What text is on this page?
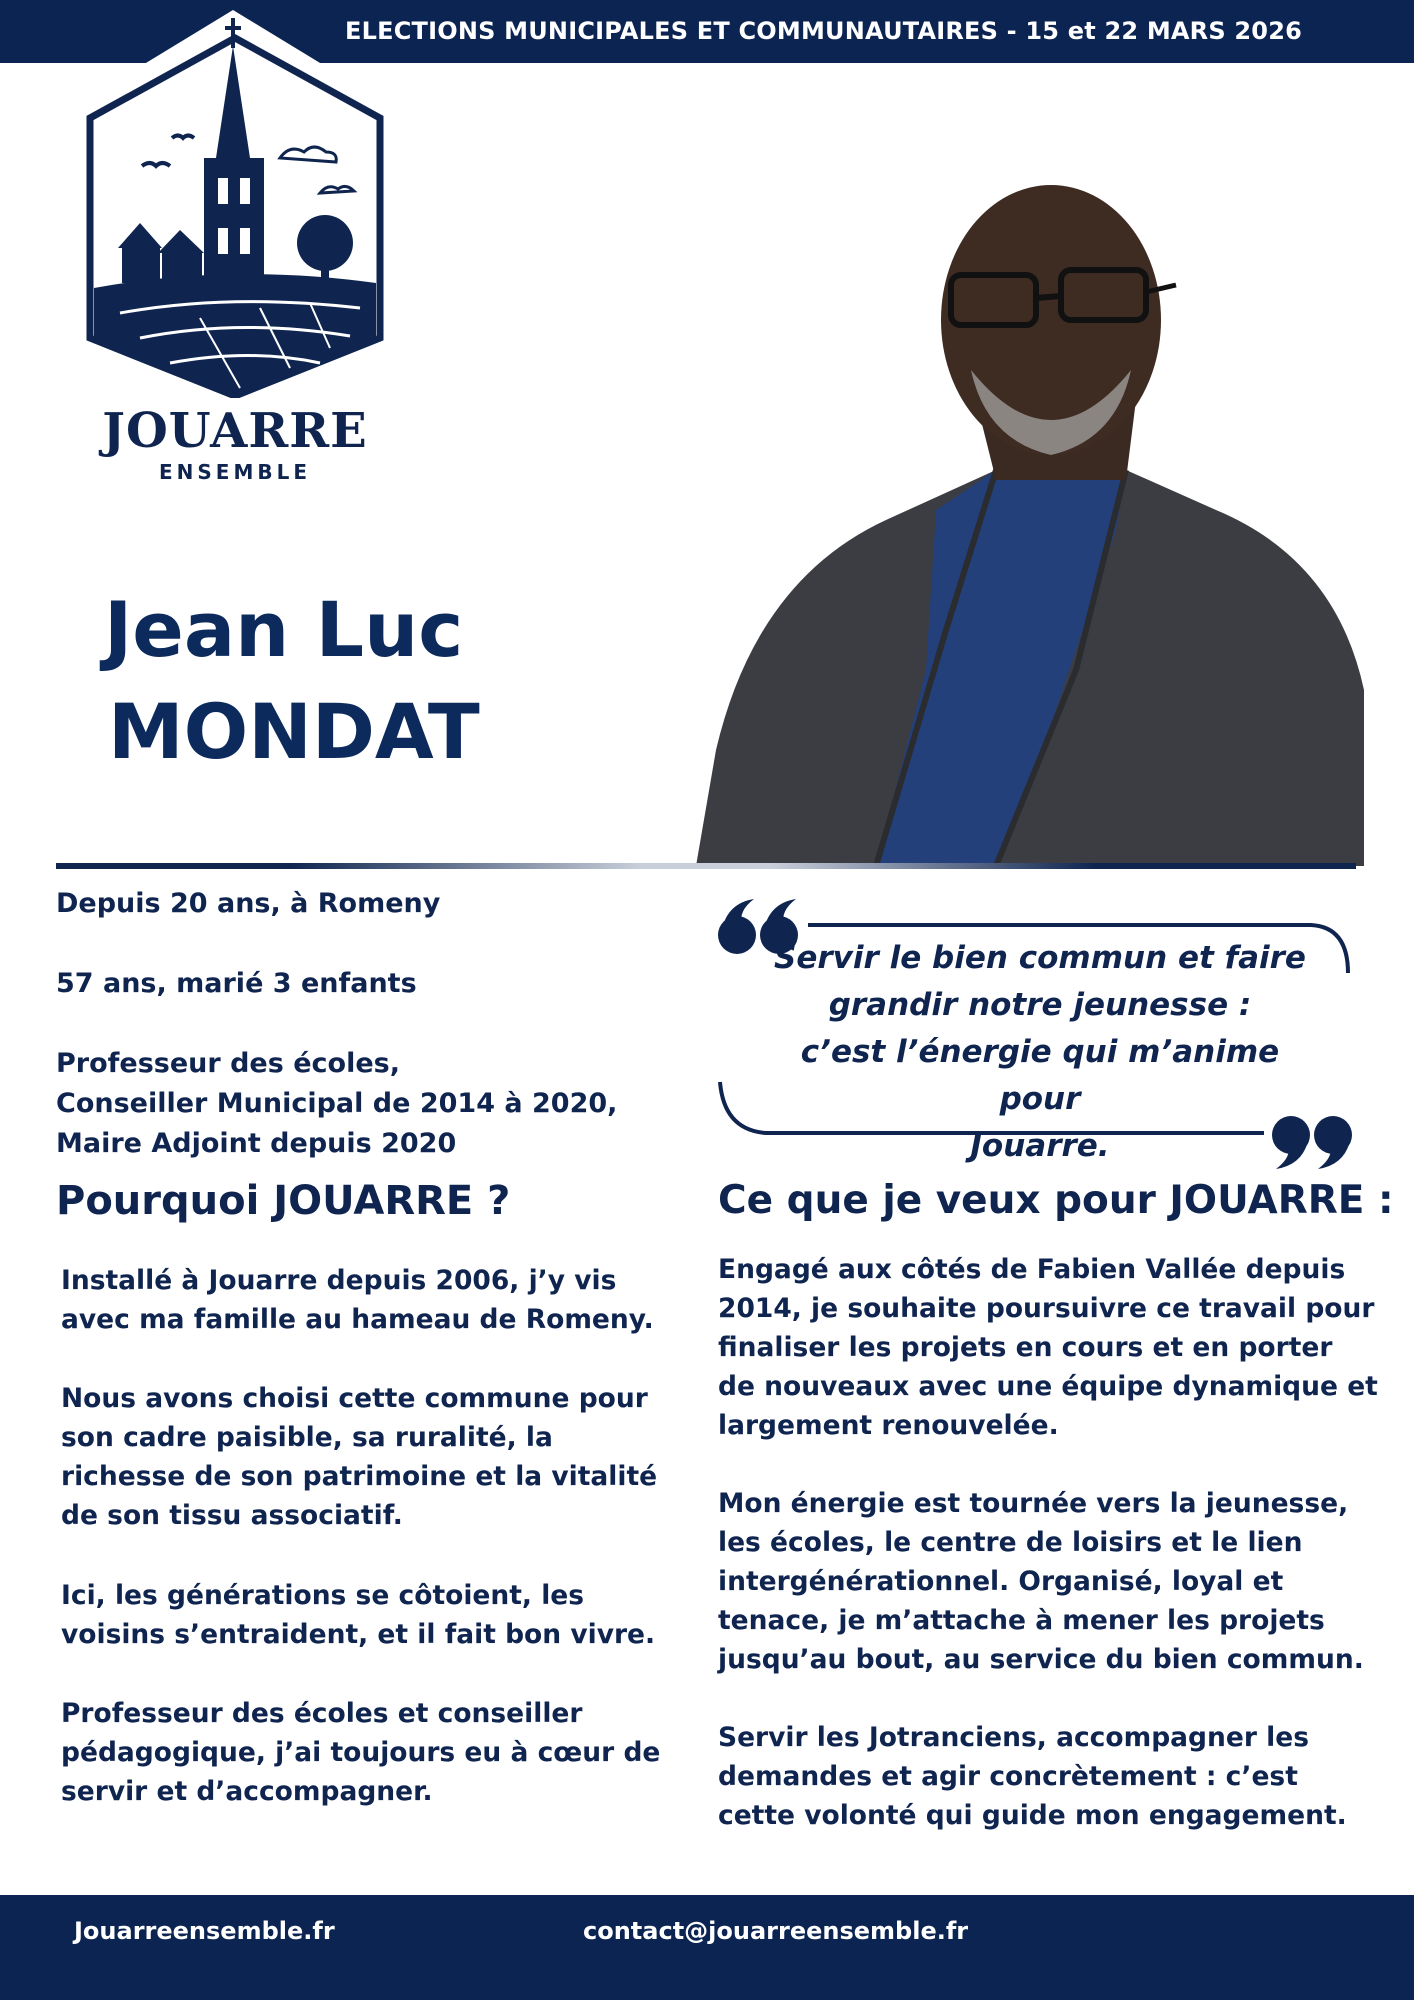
ELECTIONS MUNICIPALES ET COMMUNAUTAIRES - 15 et 22 MARS 2026
JOUARRE
ENSEMBLE
Jean Luc
MONDAT
Depuis 20 ans, à Romeny
57 ans, marié 3 enfants
Professeur des écoles,
Conseiller Municipal de 2014 à 2020,
Maire Adjoint depuis 2020
Servir le bien commun et faire
grandir notre jeunesse :
c’est l’énergie qui m’anime pour
Jouarre.
Pourquoi JOUARRE ?	Ce que je veux pour JOUARRE :
Installé à Jouarre depuis 2006, j’y vis avec ma famille au hameau de Romeny.
Nous avons choisi cette commune pour son cadre paisible, sa ruralité, la richesse de son patrimoine et la vitalité de son tissu associatif.
Ici, les générations se côtoient, les voisins s’entraident, et il fait bon vivre.
Professeur des écoles et conseiller pédagogique, j’ai toujours eu à cœur de servir et d’accompagner.
Engagé aux côtés de Fabien Vallée depuis 2014, je souhaite poursuivre ce travail pour finaliser les projets en cours et en porter de nouveaux avec une équipe dynamique et largement renouvelée.
Mon énergie est tournée vers la jeunesse, les écoles, le centre de loisirs et le lien intergénérationnel. Organisé, loyal et tenace, je m’attache à mener les projets jusqu’au bout, au service du bien commun.
Servir les Jotranciens, accompagner les demandes et agir concrètement : c’est cette volonté qui guide mon engagement.
Jouarreensemble.fr	contact@jouarreensemble.fr
